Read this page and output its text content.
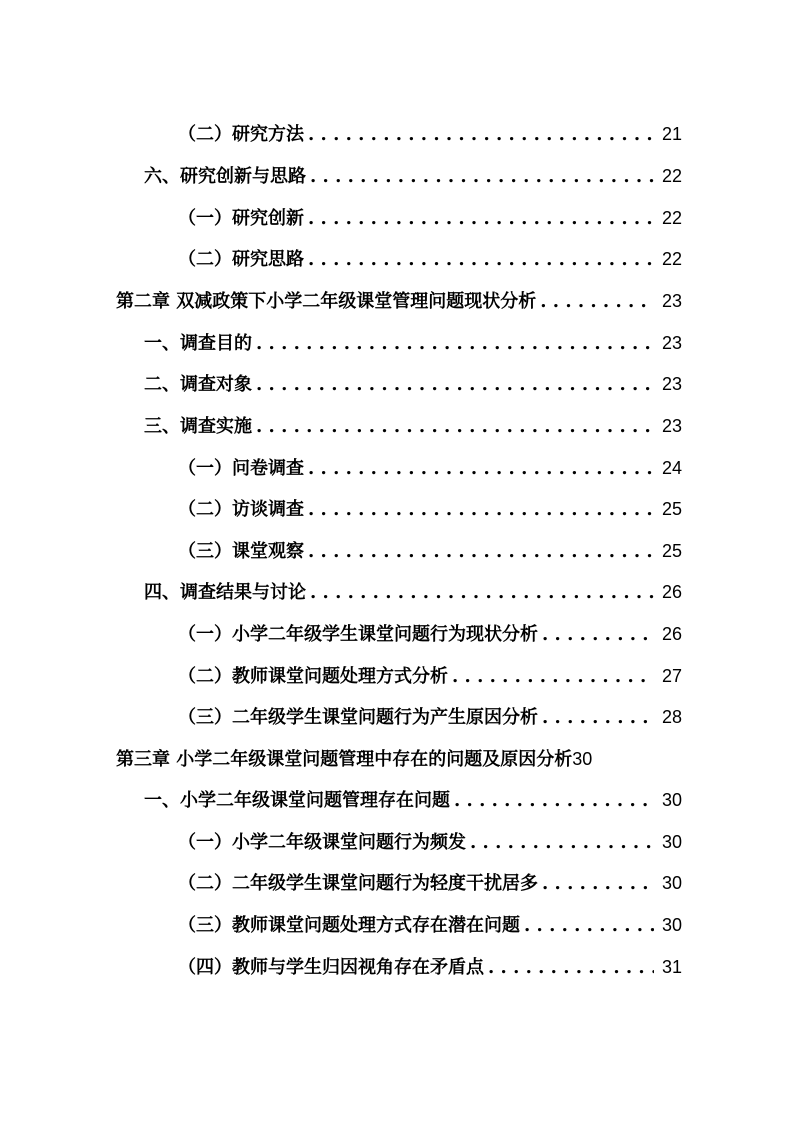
（二）研究方法 . . .	21
六、研究创新与思路 . . .	22
（一）研究创新 . . .	22
（二）研究思路 . . .	22
第二章 双减政策下小学二年级课堂管理问题现状分析 . . .	23
一、调查目的 . . .	23
二、调查对象 . . .	23
三、调查实施 . . .	23
（一）问卷调查 . . .	24
（二）访谈调查 . . .	25
（三）课堂观察 . . .	25
四、调查结果与讨论 . . .	26
（一）小学二年级学生课堂问题行为现状分析 . . .	26
（二）教师课堂问题处理方式分析 . . .	27
（三）二年级学生课堂问题行为产生原因分析 . . .	28
第三章 小学二年级课堂问题管理中存在的问题及原因分析 30
一、小学二年级课堂问题管理存在问题 . . .	30
（一）小学二年级课堂问题行为频发 . . .	30
（二）二年级学生课堂问题行为轻度干扰居多 . . .	30
（三）教师课堂问题处理方式存在潜在问题 . . .	30
（四）教师与学生归因视角存在矛盾点 . . .	31
